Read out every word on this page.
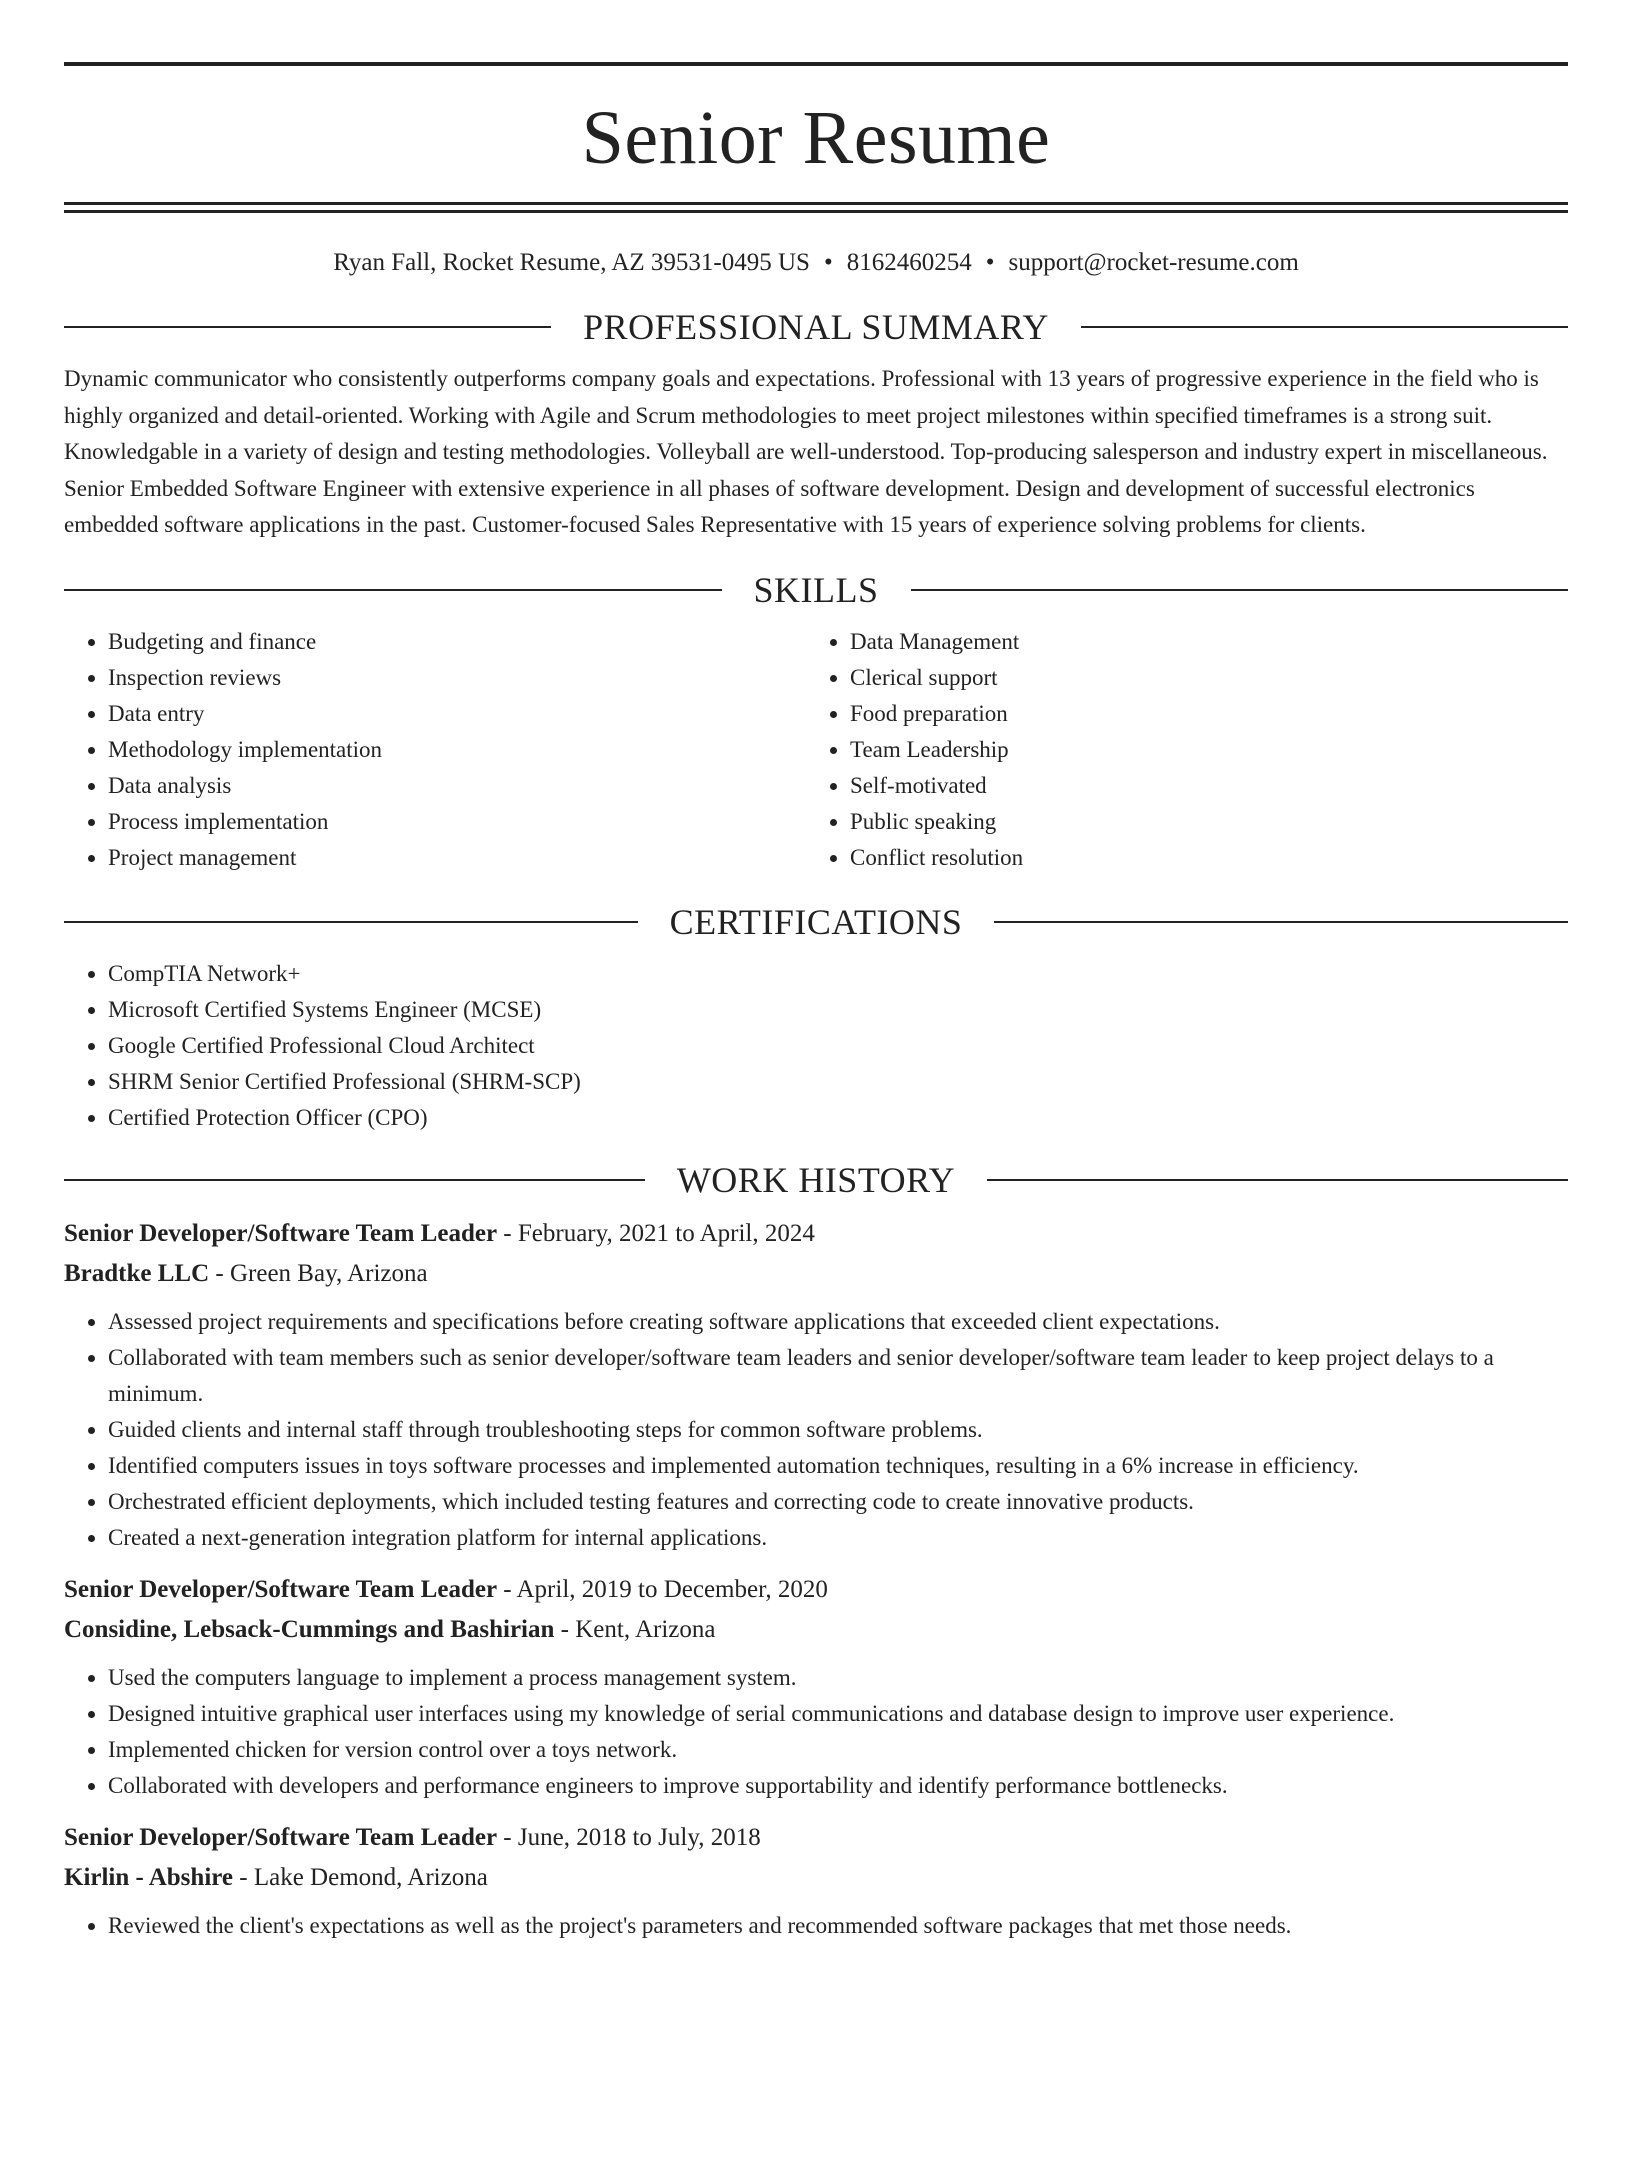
Senior Resume
Ryan Fall, Rocket Resume, AZ 39531-0495 US • 8162460254 • support@rocket-resume.com
PROFESSIONAL SUMMARY

Dynamic communicator who consistently outperforms company goals and expectations. Professional with 13 years of progressive experience in the field who is highly organized and detail-oriented. Working with Agile and Scrum methodologies to meet project milestones within specified timeframes is a strong suit. Knowledgable in a variety of design and testing methodologies. Volleyball are well-understood. Top-producing salesperson and industry expert in miscellaneous. Senior Embedded Software Engineer with extensive experience in all phases of software development. Design and development of successful electronics embedded software applications in the past. Customer-focused Sales Representative with 15 years of experience solving problems for clients.

SKILLS
• Budgeting and finance
• Inspection reviews
• Data entry
• Methodology implementation
• Data analysis
• Process implementation
• Project management
• Data Management
• Clerical support
• Food preparation
• Team Leadership
• Self-motivated
• Public speaking
• Conflict resolution
CERTIFICATIONS
• CompTIA Network+
• Microsoft Certified Systems Engineer (MCSE)
• Google Certified Professional Cloud Architect
• SHRM Senior Certified Professional (SHRM-SCP)
• Certified Protection Officer (CPO)
WORK HISTORY
Senior Developer/Software Team Leader - February, 2021 to April, 2024
Bradtke LLC - Green Bay, Arizona
• Assessed project requirements and specifications before creating software applications that exceeded client expectations.
• Collaborated with team members such as senior developer/software team leaders and senior developer/software team leader to keep project delays to a minimum.
• Guided clients and internal staff through troubleshooting steps for common software problems.
• Identified computers issues in toys software processes and implemented automation techniques, resulting in a 6% increase in efficiency.
• Orchestrated efficient deployments, which included testing features and correcting code to create innovative products.
• Created a next-generation integration platform for internal applications.
Senior Developer/Software Team Leader - April, 2019 to December, 2020
Considine, Lebsack-Cummings and Bashirian - Kent, Arizona
• Used the computers language to implement a process management system.
• Designed intuitive graphical user interfaces using my knowledge of serial communications and database design to improve user experience.
• Implemented chicken for version control over a toys network.
• Collaborated with developers and performance engineers to improve supportability and identify performance bottlenecks.
Senior Developer/Software Team Leader - June, 2018 to July, 2018
Kirlin - Abshire - Lake Demond, Arizona
• Reviewed the client's expectations as well as the project's parameters and recommended software packages that met those needs.
